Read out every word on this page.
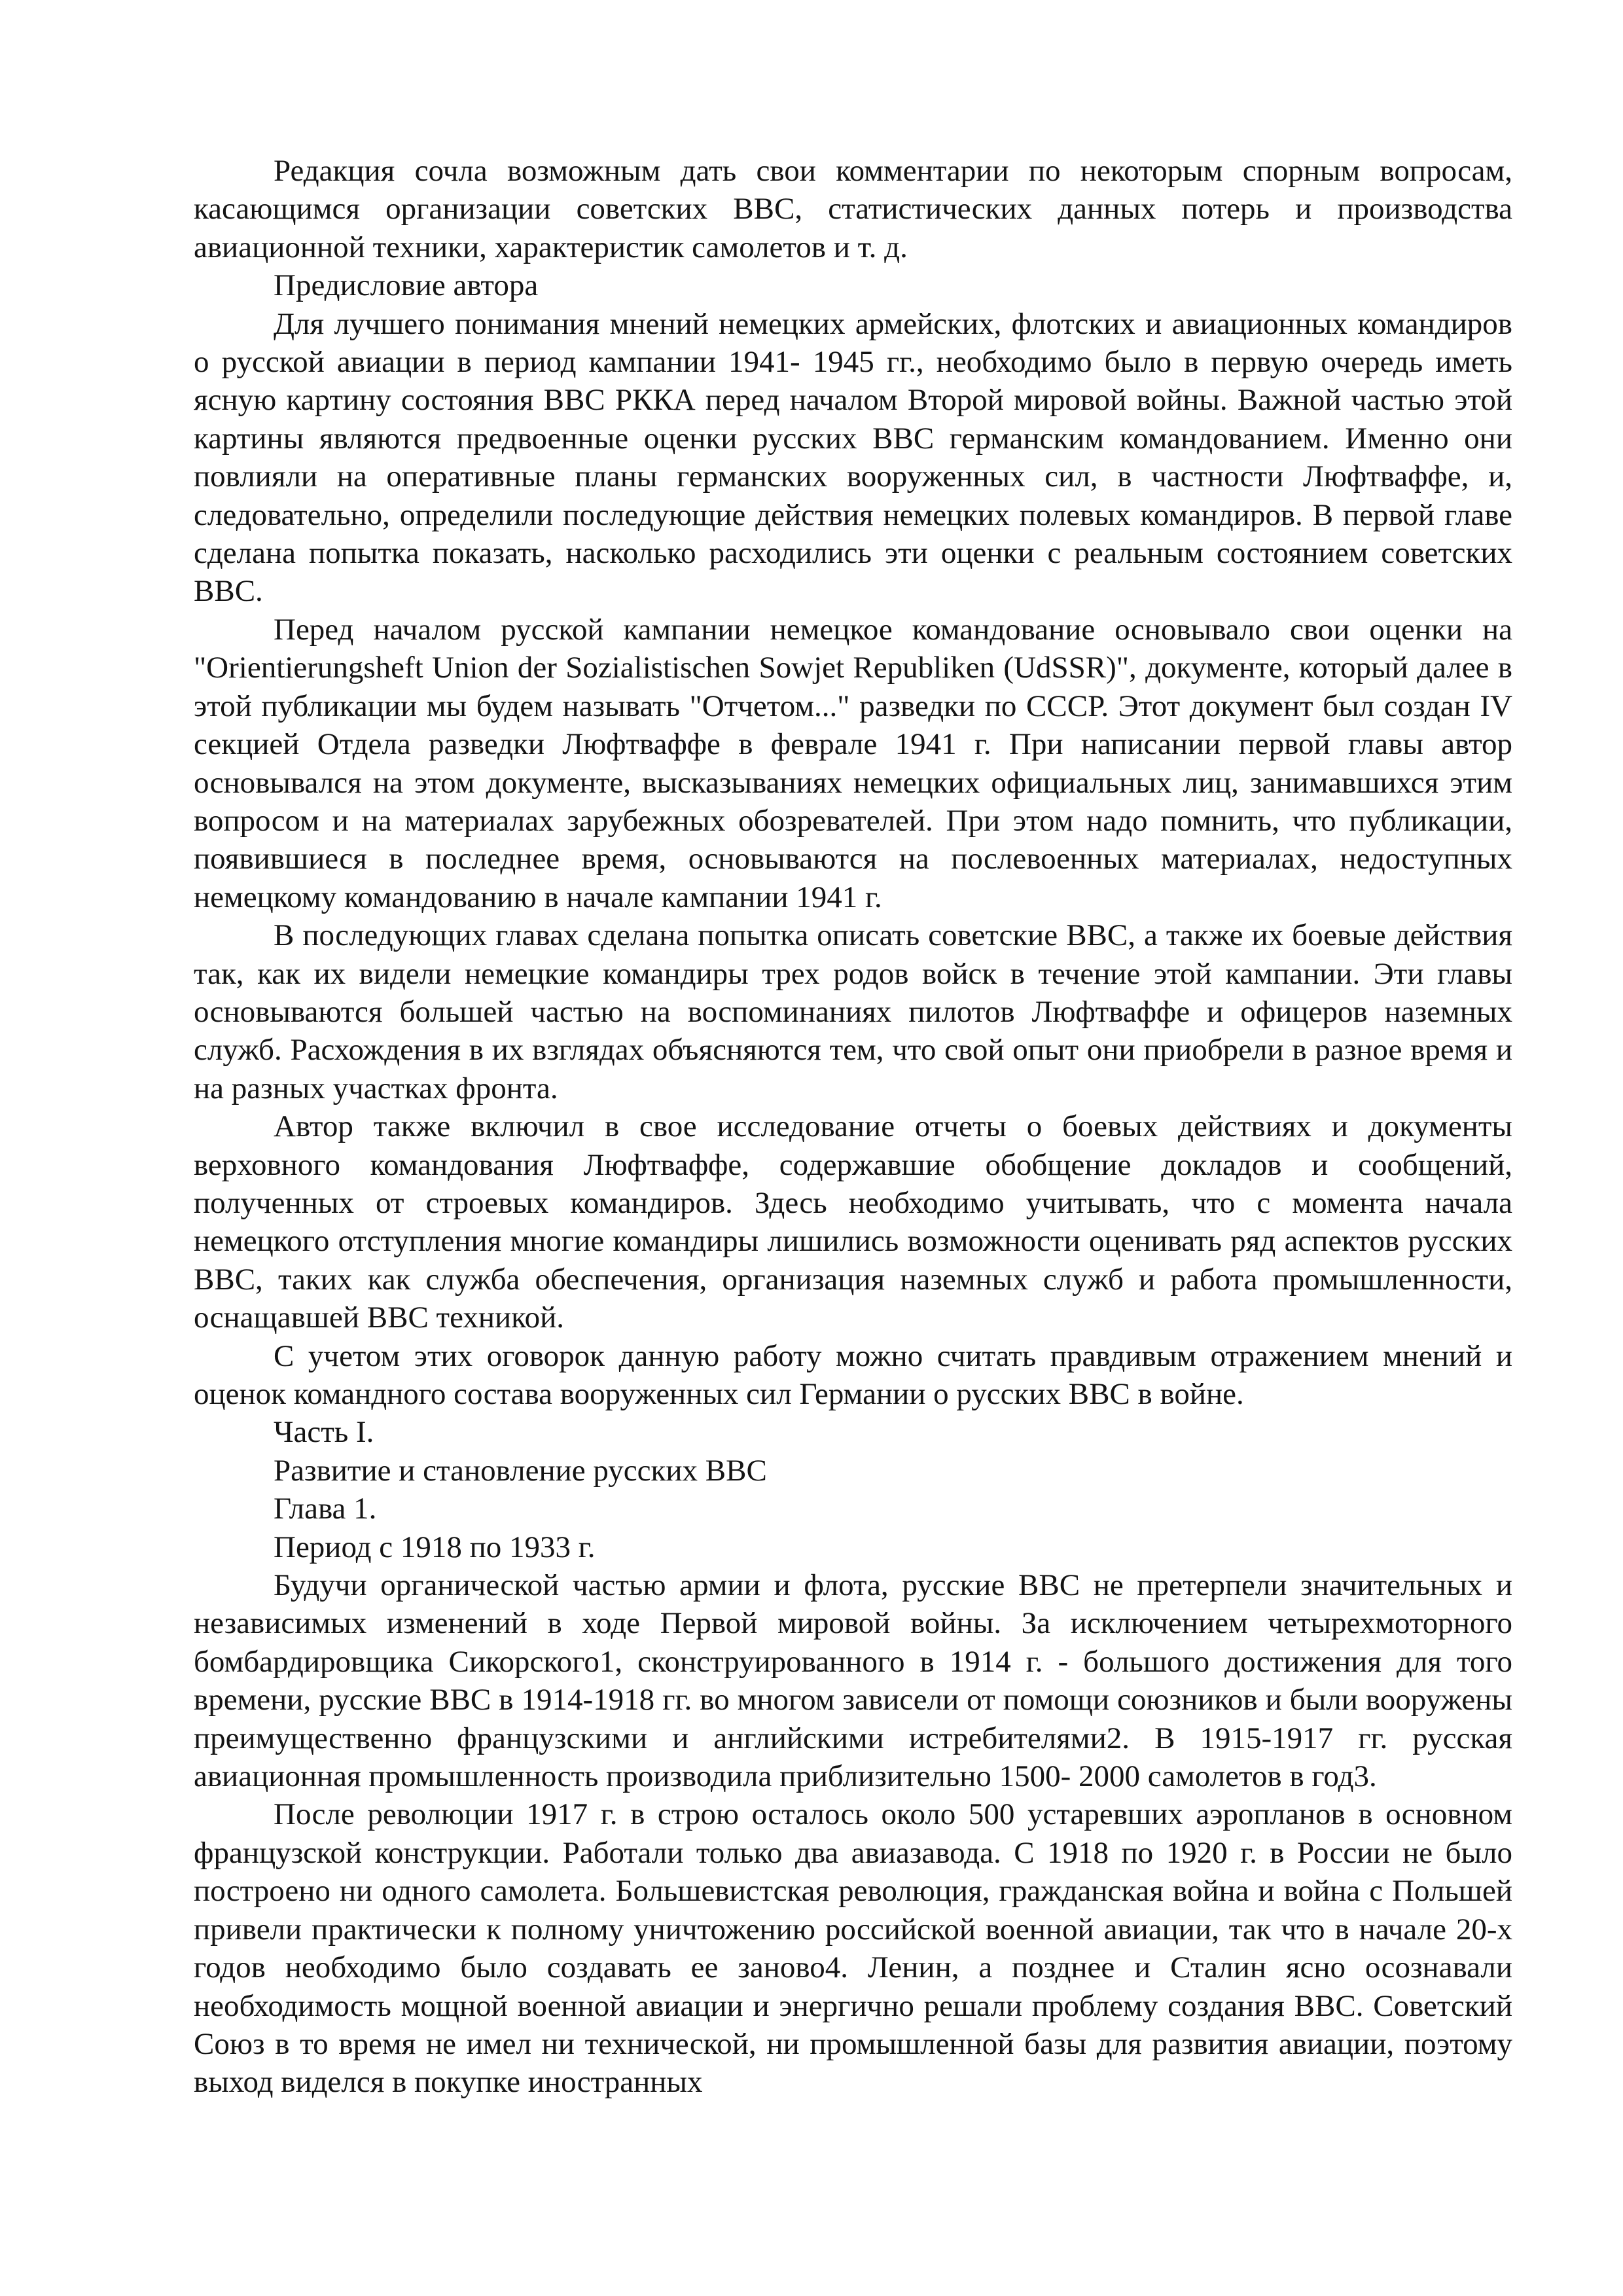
Редакция сочла возможным дать свои комментарии по некоторым спорным вопросам, касающимся организации советских ВВС, статистических данных потерь и производства авиационной техники, характеристик самолетов и т. д.

Предисловие автора

Для лучшего понимания мнений немецких армейских, флотских и авиационных командиров о русской авиации в период кампании 1941- 1945 гг., необходимо было в первую очередь иметь ясную картину состояния ВВС РККА перед началом Второй мировой войны. Важной частью этой картины являются предвоенные оценки русских ВВС германским командованием. Именно они повлияли на оперативные планы германских вооруженных сил, в частности Люфтваффе, и, следовательно, определили последующие действия немецких полевых командиров. В первой главе сделана попытка показать, насколько расходились эти оценки с реальным состоянием советских ВВС.

Перед началом русской кампании немецкое командование основывало свои оценки на "Orientierungsheft Union der Sozialistischen Sowjet Republiken (UdSSR)", документе, который далее в этой публикации мы будем называть "Отчетом..." разведки по СССР. Этот документ был создан IV секцией Отдела разведки Люфтваффе в феврале 1941 г. При написании первой главы автор основывался на этом документе, высказываниях немецких официальных лиц, занимавшихся этим вопросом и на материалах зарубежных обозревателей. При этом надо помнить, что публикации, появившиеся в последнее время, основываются на послевоенных материалах, недоступных немецкому командованию в начале кампании 1941 г.

В последующих главах сделана попытка описать советские ВВС, а также их боевые действия так, как их видели немецкие командиры трех родов войск в течение этой кампании. Эти главы основываются большей частью на воспоминаниях пилотов Люфтваффе и офицеров наземных служб. Расхождения в их взглядах объясняются тем, что свой опыт они приобрели в разное время и на разных участках фронта.

Автор также включил в свое исследование отчеты о боевых действиях и документы верховного командования Люфтваффе, содержавшие обобщение докладов и сообщений, полученных от строевых командиров. Здесь необходимо учитывать, что с момента начала немецкого отступления многие командиры лишились возможности оценивать ряд аспектов русских ВВС, таких как служба обеспечения, организация наземных служб и работа промышленности, оснащавшей ВВС техникой.

С учетом этих оговорок данную работу можно считать правдивым отражением мнений и оценок командного состава вооруженных сил Германии о русских ВВС в войне.

Часть I.

Развитие и становление русских ВВС

Глава 1.

Период с 1918 по 1933 г.

Будучи органической частью армии и флота, русские ВВС не претерпели значительных и независимых изменений в ходе Первой мировой войны. За исключением четырехмоторного бомбардировщика Сикорского1, сконструированного в 1914 г. - большого достижения для того времени, русские ВВС в 1914-1918 гг. во многом зависели от помощи союзников и были вооружены преимущественно французскими и английскими истребителями2. В 1915-1917 гг. русская авиационная промышленность производила приблизительно 1500- 2000 самолетов в год3.

После революции 1917 г. в строю осталось около 500 устаревших аэропланов в основном французской конструкции. Работали только два авиазавода. С 1918 по 1920 г. в России не было построено ни одного самолета. Большевистская революция, гражданская война и война с Польшей привели практически к полному уничтожению российской военной авиации, так что в начале 20-х годов необходимо было создавать ее заново4. Ленин, а позднее и Сталин ясно осознавали необходимость мощной военной авиации и энергично решали проблему создания ВВС. Советский Союз в то время не имел ни технической, ни промышленной базы для развития авиации, поэтому выход виделся в покупке иностранных
